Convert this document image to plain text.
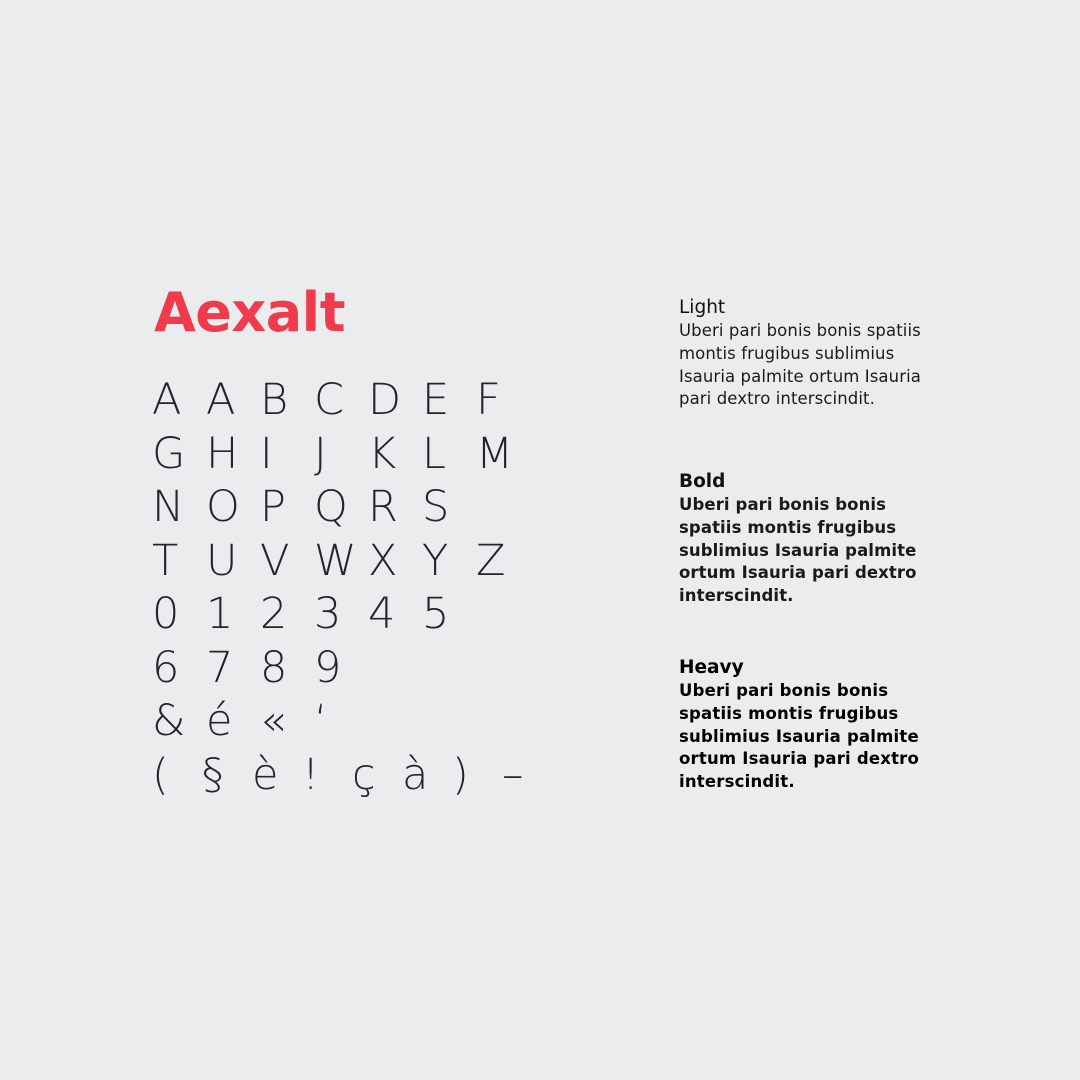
Aexalt
A A B C D E F
G H I J K L M
N O P Q R S
T U V W X Y Z
0 1 2 3 4 5
6 7 8 9
& é « ‘
( § è ! ç à ) –

Light

Uberi pari bonis bonis spatiis montis frugibus sublimius Isauria palmite ortum Isauria pari dextro interscindit.

Bold

Uberi pari bonis bonis spatiis montis frugibus sublimius Isauria palmite ortum Isauria pari dextro interscindit.

Heavy

Uberi pari bonis bonis spatiis montis frugibus sublimius Isauria palmite ortum Isauria pari dextro interscindit.
